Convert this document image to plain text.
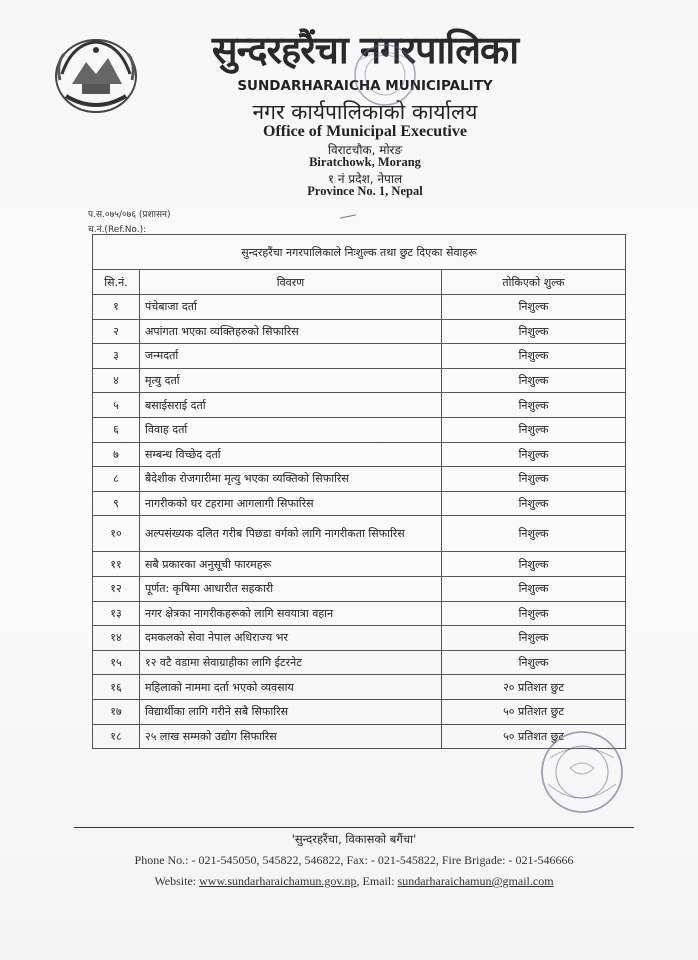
सुन्दरहरैंचा नगरपालिका
SUNDARHARAICHA MUNICIPALITY
नगर कार्यपालिकाको कार्यालय
Office of Municipal Executive
विराटचौक, मोरङ
Biratchowk, Morang
१ नं प्रदेश, नेपाल
Province No. 1, Nepal
प.स.०७५/०७६ (प्रशासन)
च.नं.(Ref.No.):
सुन्दरहरैंचा नगरपालिकाले निःशुल्क तथा छुट दिएका सेवाहरू		
सि.नं.	विवरण	तोकिएको शुल्क
१	पंचेबाजा दर्ता	निशुल्क
२	अपांगता भएका व्यक्तिहरुको सिफारिस	निशुल्क
३	जन्मदर्ता	निशुल्क
४	मृत्यु दर्ता	निशुल्क
५	बसाईसराई दर्ता	निशुल्क
६	विवाह दर्ता	निशुल्क
७	सम्बन्ध विच्छेद दर्ता	निशुल्क
८	बैदेशीक रोजगारीमा मृत्यु भएका व्यक्तिको सिफारिस	निशुल्क
९	नागरीकको घर टहरामा आगलागी सिफारिस	निशुल्क
१०	अल्पसंख्यक दलित गरीब पिछडा वर्गको लागि नागरीकता सिफारिस	निशुल्क
११	सबै प्रकारका अनुसूची फारमहरू	निशुल्क
१२	पूर्णत: कृषिमा आधारीत सहकारी	निशुल्क
१३	नगर क्षेत्रका नागरीकहरूको लागि सवयात्रा वहान	निशुल्क
१४	दमकलको सेवा नेपाल अधिराज्य भर	निशुल्क
१५	१२ वटै वडामा सेवाग्राहीका लागि ईटरनेट	निशुल्क
१६	महिलाको नाममा दर्ता भएको व्यवसाय	२० प्रतिशत छुट
१७	विद्यार्थीका लागि गरीने सबै सिफारिस	५० प्रतिशत छुट
१८	२५ लाख सम्मको उद्योग सिफारिस	५० प्रतिशत छुट
'सुन्दरहरैंचा, विकासको बगैंचा'
Phone No.: - 021-545050, 545822, 546822, Fax: - 021-545822, Fire Brigade: - 021-546666
Website: www.sundarharaichamun.gov.np, Email: sundarharaichamun@gmail.com
